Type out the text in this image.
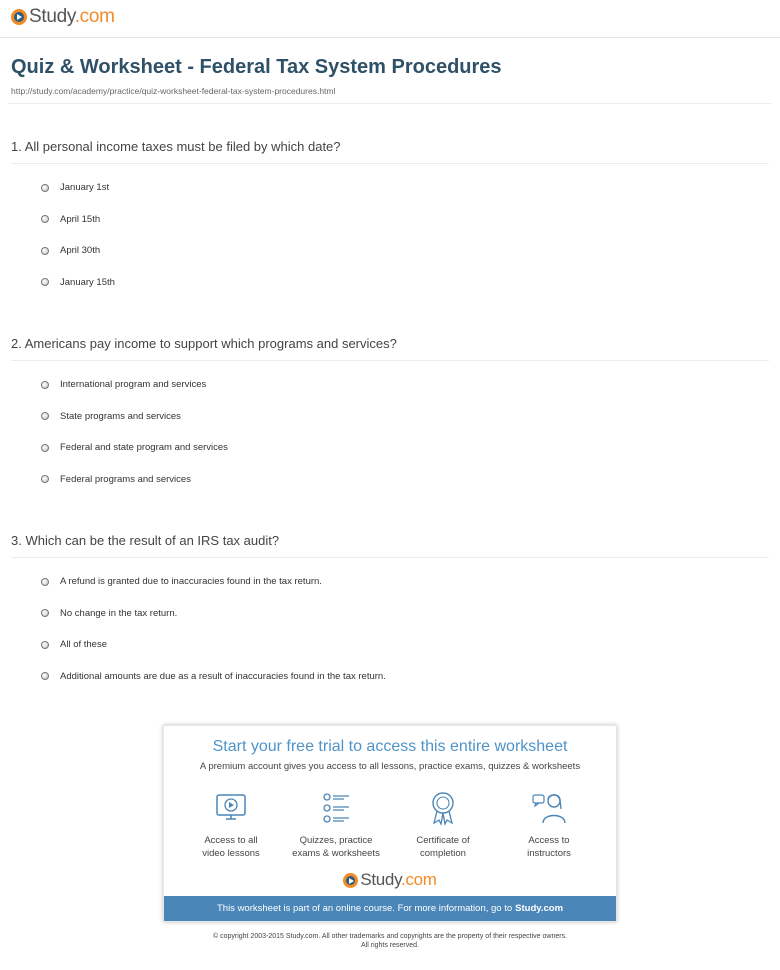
Study.com
Quiz & Worksheet - Federal Tax System Procedures
http://study.com/academy/practice/quiz-worksheet-federal-tax-system-procedures.html
1. All personal income taxes must be filed by which date?
January 1st
April 15th
April 30th
January 15th
2. Americans pay income to support which programs and services?
International program and services
State programs and services
Federal and state program and services
Federal programs and services
3. Which can be the result of an IRS tax audit?
A refund is granted due to inaccuracies found in the tax return.
No change in the tax return.
All of these
Additional amounts are due as a result of inaccuracies found in the tax return.
Start your free trial to access this entire worksheet
A premium account gives you access to all lessons, practice exams, quizzes & worksheets
Access to all
video lessons
Quizzes, practice
exams & worksheets
Certificate of
completion
Access to
instructors
Study.com
This worksheet is part of an online course. For more information, go to Study.com
© copyright 2003-2015 Study.com. All other trademarks and copyrights are the property of their respective owners.
All rights reserved.
